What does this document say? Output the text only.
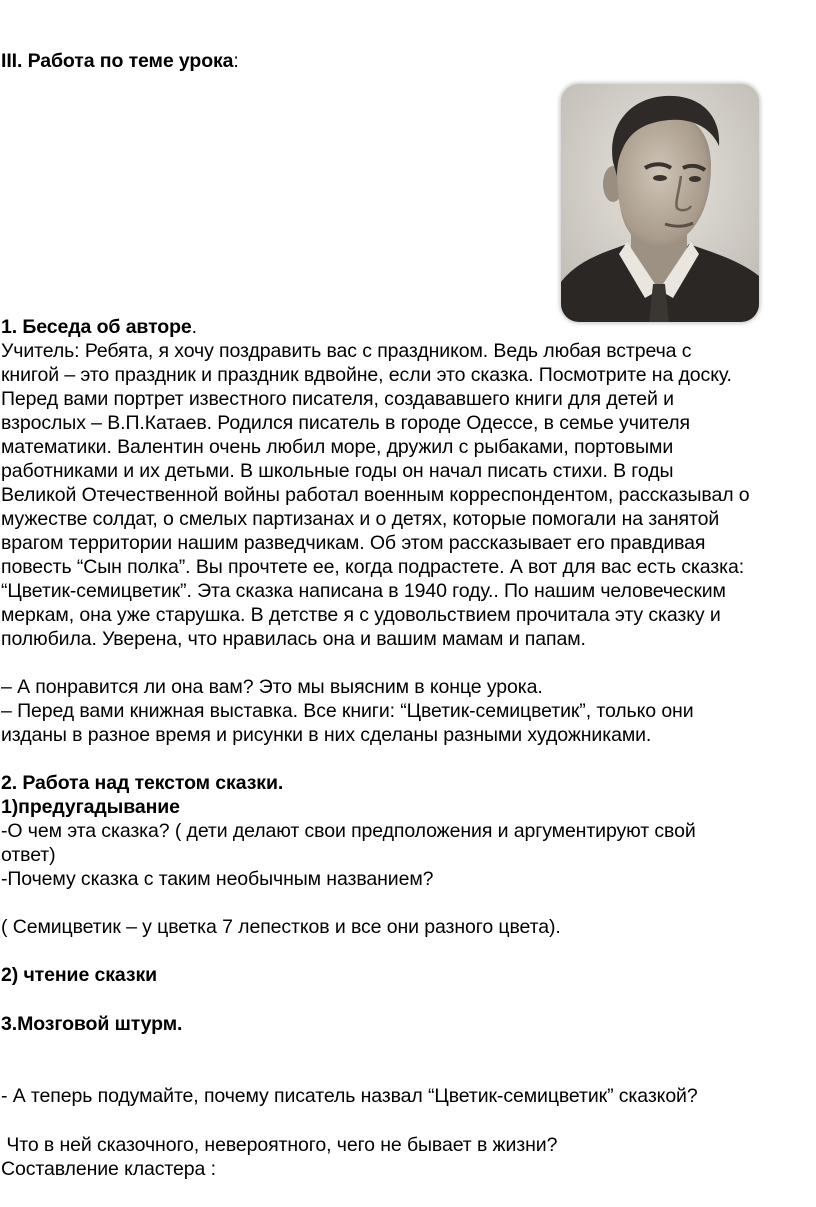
III. Работа по теме урока:
1. Беседа об авторе.
Учитель: Ребята, я хочу поздравить вас с праздником. Ведь любая встреча с
книгой – это праздник и праздник вдвойне, если это сказка. Посмотрите на доску.
Перед вами портрет известного писателя, создававшего книги для детей и
взрослых – В.П.Катаев. Родился писатель в городе Одессе, в семье учителя
математики. Валентин очень любил море, дружил с рыбаками, портовыми
работниками и их детьми. В школьные годы он начал писать стихи. В годы
Великой Отечественной войны работал военным корреспондентом, рассказывал о
мужестве солдат, о смелых партизанах и о детях, которые помогали на занятой
врагом территории нашим разведчикам. Об этом рассказывает его правдивая
повесть “Сын полка”. Вы прочтете ее, когда подрастете. А вот для вас есть сказка:
“Цветик-семицветик”. Эта сказка написана в 1940 году.. По нашим человеческим
меркам, она уже старушка. В детстве я с удовольствием прочитала эту сказку и
полюбила. Уверена, что нравилась она и вашим мамам и папам.
– А понравится ли она вам? Это мы выясним в конце урока.
– Перед вами книжная выставка. Все книги: “Цветик-семицветик”, только они
изданы в разное время и рисунки в них сделаны разными художниками.
2. Работа над текстом сказки.
1)предугадывание
-О чем эта сказка? ( дети делают свои предположения и аргументируют свой
ответ)
-Почему сказка с таким необычным названием?
( Семицветик – у цветка 7 лепестков и все они разного цвета).
2) чтение сказки
3.Мозговой штурм.
- А теперь подумайте, почему писатель назвал “Цветик-семицветик” сказкой?
Что в ней сказочного, невероятного, чего не бывает в жизни?
Составление кластера :
